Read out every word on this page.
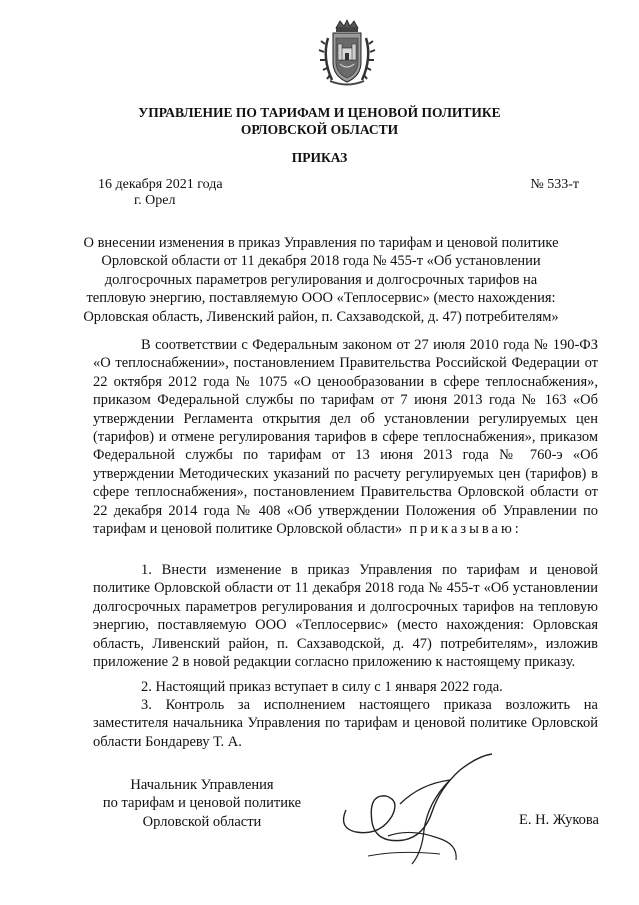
УПРАВЛЕНИЕ ПО ТАРИФАМ И ЦЕНОВОЙ ПОЛИТИКЕ
ОРЛОВСКОЙ ОБЛАСТИ
ПРИКАЗ
16 декабря 2021 года	№ 533-т
г. Орел
О внесении изменения в приказ Управления по тарифам и ценовой политике
Орловской области от 11 декабря 2018 года № 455-т «Об установлении
долгосрочных параметров регулирования и долгосрочных тарифов на
тепловую энергию, поставляемую ООО «Теплосервис» (место нахождения:
Орловская область, Ливенский район, п. Сахзаводской, д. 47) потребителям»

В соответствии с Федеральным законом от 27 июля 2010 года № 190-ФЗ «О теплоснабжении», постановлением Правительства Российской Федерации от 22 октября 2012 года № 1075 «О ценообразовании в сфере теплоснабжения», приказом Федеральной службы по тарифам от 7 июня 2013 года № 163 «Об утверждении Регламента открытия дел об установлении регулируемых цен (тарифов) и отмене регулирования тарифов в сфере теплоснабжения», приказом Федеральной службы по тарифам от 13 июня 2013 года № 760-э «Об утверждении Методических указаний по расчету регулируемых цен (тарифов) в сфере теплоснабжения», постановлением Правительства Орловской области от 22 декабря 2014 года № 408 «Об утверждении Положения об Управлении по тарифам и ценовой политике Орловской области» приказываю:

1. Внести изменение в приказ Управления по тарифам и ценовой политике Орловской области от 11 декабря 2018 года № 455-т «Об установлении долгосрочных параметров регулирования и долгосрочных тарифов на тепловую энергию, поставляемую ООО «Теплосервис» (место нахождения: Орловская область, Ливенский район, п. Сахзаводской, д. 47) потребителям», изложив приложение 2 в новой редакции согласно приложению к настоящему приказу.

2. Настоящий приказ вступает в силу с 1 января 2022 года.

3. Контроль за исполнением настоящего приказа возложить на заместителя начальника Управления по тарифам и ценовой политике Орловской области Бондареву Т. А.

Начальник Управления
по тарифам и ценовой политике
Орловской области	Е. Н. Жукова
